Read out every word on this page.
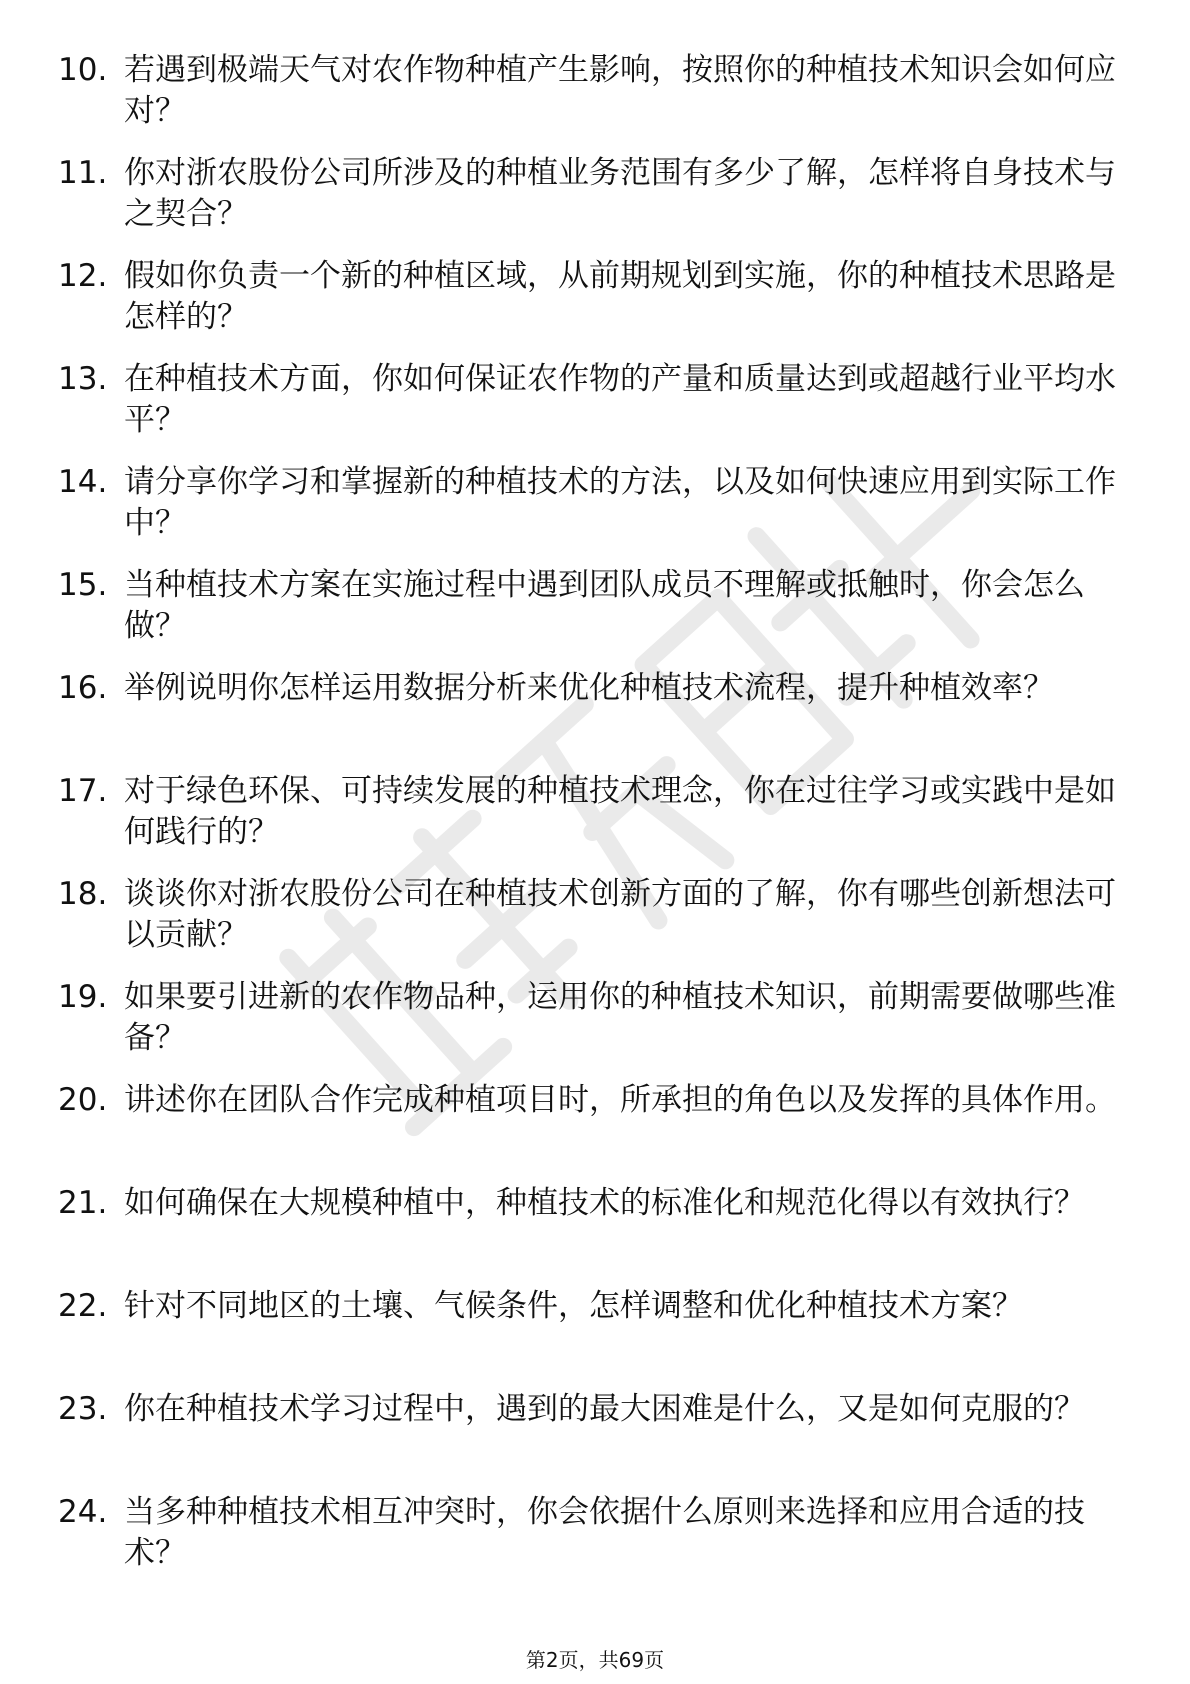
10. 若遇到极端天气对农作物种植产生影响，按照你的种植技术知识会如何应对？
11. 你对浙农股份公司所涉及的种植业务范围有多少了解，怎样将自身技术与之契合？
12. 假如你负责一个新的种植区域，从前期规划到实施，你的种植技术思路是怎样的？
13. 在种植技术方面，你如何保证农作物的产量和质量达到或超越行业平均水平？
14. 请分享你学习和掌握新的种植技术的方法，以及如何快速应用到实际工作中？
15. 当种植技术方案在实施过程中遇到团队成员不理解或抵触时，你会怎么做？
16. 举例说明你怎样运用数据分析来优化种植技术流程，提升种植效率？
17. 对于绿色环保、可持续发展的种植技术理念，你在过往学习或实践中是如何践行的？
18. 谈谈你对浙农股份公司在种植技术创新方面的了解，你有哪些创新想法可以贡献？
19. 如果要引进新的农作物品种，运用你的种植技术知识，前期需要做哪些准备？
20. 讲述你在团队合作完成种植项目时，所承担的角色以及发挥的具体作用。
21. 如何确保在大规模种植中，种植技术的标准化和规范化得以有效执行？
22. 针对不同地区的土壤、气候条件，怎样调整和优化种植技术方案？
23. 你在种植技术学习过程中，遇到的最大困难是什么，又是如何克服的？
24. 当多种种植技术相互冲突时，你会依据什么原则来选择和应用合适的技术？
第2页，共69页
